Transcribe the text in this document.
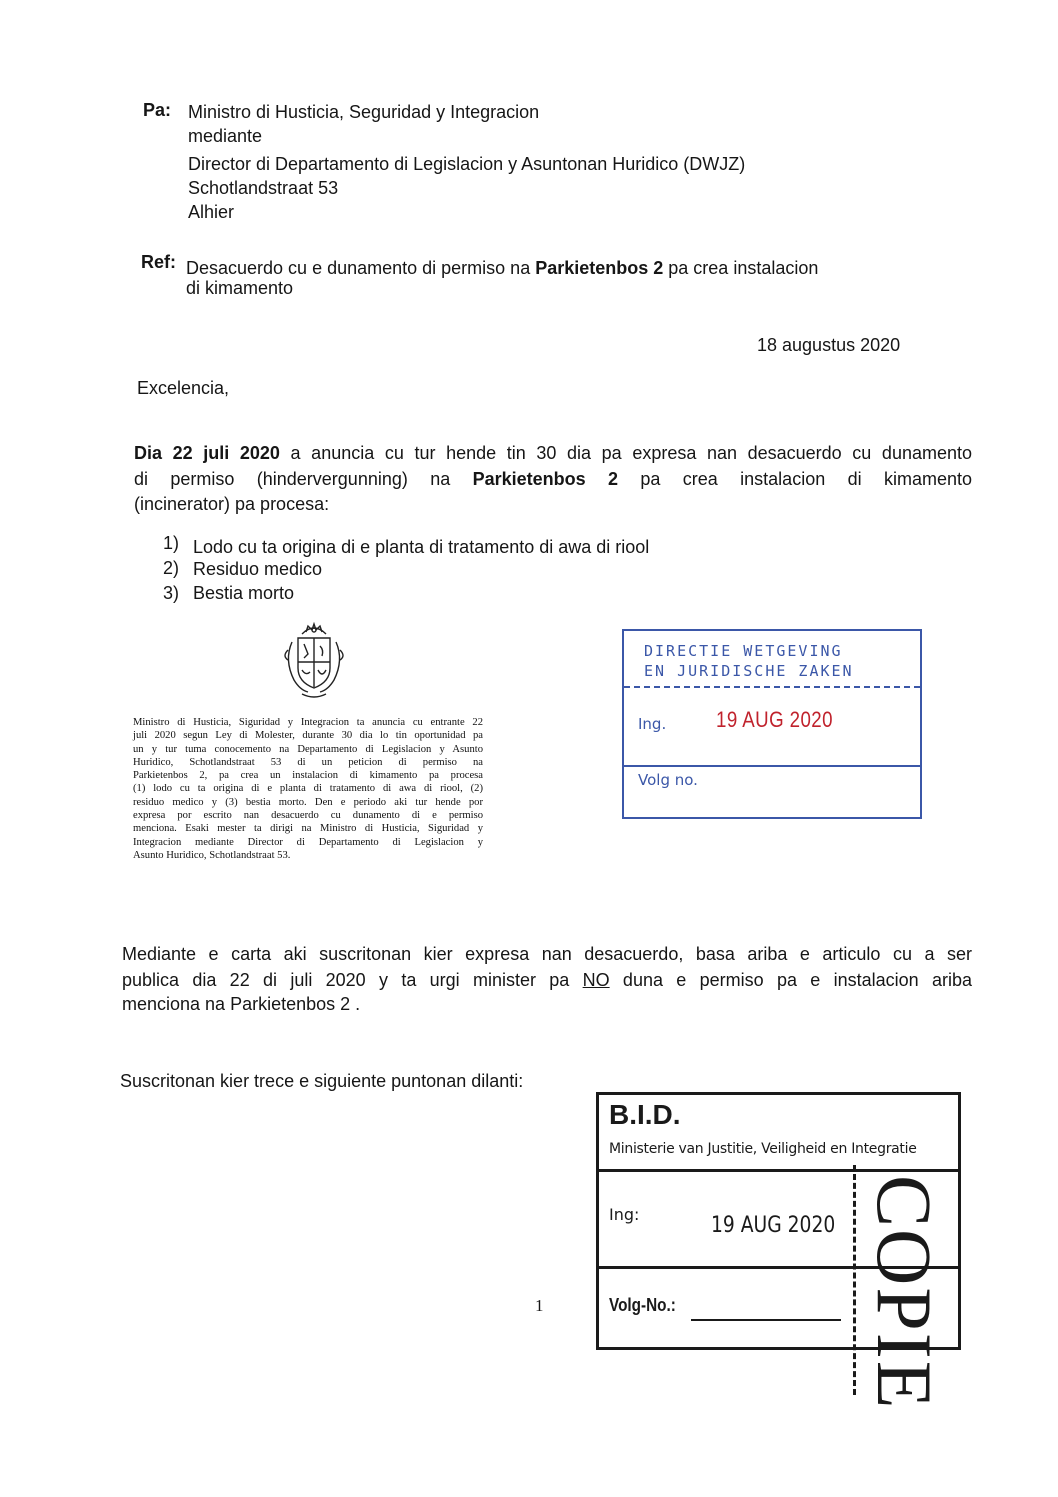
Pa: Ministro di Husticia, Seguridad y Integracion
mediante
Director di Departamento di Legislacion y Asuntonan Huridico (DWJZ)
Schotlandstraat 53
Alhier
Ref: Desacuerdo cu e dunamento di permiso na Parkietenbos 2 pa crea instalacion
di kimamento
18 augustus 2020
Excelencia,
Dia 22 juli 2020 a anuncia cu tur hende tin 30 dia pa expresa nan desacuerdo cu dunamento
di permiso (hindervergunning) na Parkietenbos 2 pa crea instalacion di kimamento
(incinerator) pa procesa:
1) Lodo cu ta origina di e planta di tratamento di awa di riool
2) Residuo medico
3) Bestia morto
Ministro di Husticia, Siguridad y Integracion ta anuncia cu entrante 22
juli 2020 segun Ley di Molester, durante 30 dia lo tin oportunidad pa
un y tur tuma conocemento na Departamento di Legislacion y Asunto
Huridico, Schotlandstraat 53 di un peticion di permiso na
Parkietenbos 2, pa crea un instalacion di kimamento pa procesa
(1) lodo cu ta origina di e planta di tratamento di awa di riool, (2)
residuo medico y (3) bestia morto. Den e periodo aki tur hende por
expresa por escrito nan desacuerdo cu dunamento di e permiso
menciona. Esaki mester ta dirigi na Ministro di Husticia, Siguridad y
Integracion mediante Director di Departamento di Legislacion y
Asunto Huridico, Schotlandstraat 53.
DIRECTIE WETGEVING
EN JURIDISCHE ZAKEN
Ing. 19 AUG 2020
Volg no.
Mediante e carta aki suscritonan kier expresa nan desacuerdo, basa ariba e articulo cu a ser
publica dia 22 di juli 2020 y ta urgi minister pa NO duna e permiso pa e instalacion ariba
menciona na Parkietenbos 2 .
Suscritonan kier trece e siguiente puntonan dilanti:
B.I.D.
Ministerie van Justitie, Veiligheid en Integratie
Ing:	19 AUG 2020
Volg-No.: COPIE
1
